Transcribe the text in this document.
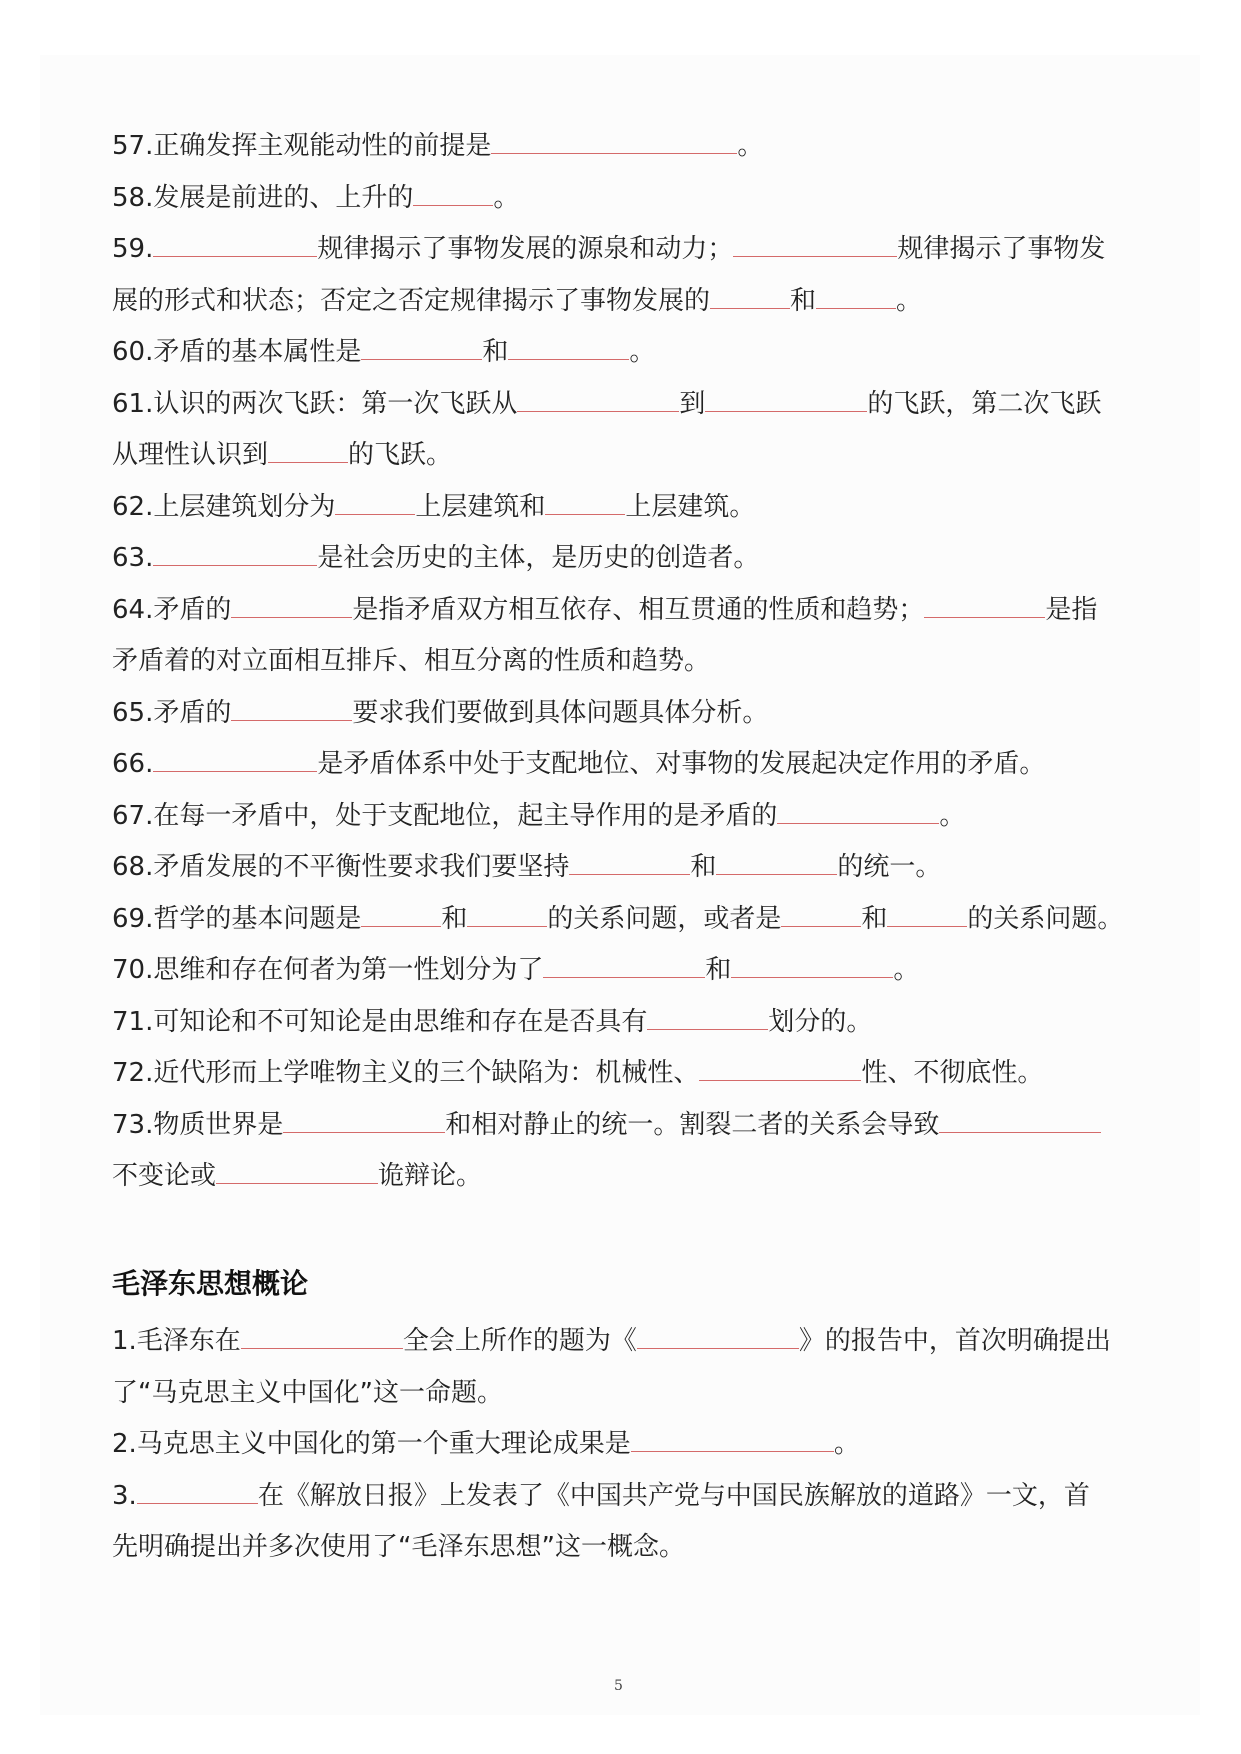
57.正确发挥主观能动性的前提是	。
58.发展是前进的、上升的	。
59.	规律揭示了事物发展的源泉和动力；	规律揭示了事物发
展的形式和状态；否定之否定规律揭示了事物发展的	和	。
60.矛盾的基本属性是	和	。
61.认识的两次飞跃：第一次飞跃从	到	的飞跃，第二次飞跃
从理性认识到	的飞跃。
62.上层建筑划分为	上层建筑和	上层建筑。
63.	是社会历史的主体，是历史的创造者。
64.矛盾的	是指矛盾双方相互依存、相互贯通的性质和趋势；	是指
矛盾着的对立面相互排斥、相互分离的性质和趋势。
65.矛盾的	要求我们要做到具体问题具体分析。
66.	是矛盾体系中处于支配地位、对事物的发展起决定作用的矛盾。
67.在每一矛盾中，处于支配地位，起主导作用的是矛盾的	。
68.矛盾发展的不平衡性要求我们要坚持	和	的统一。
69.哲学的基本问题是	和	的关系问题，或者是	和	的关系问题。
70.思维和存在何者为第一性划分为了	和	。
71.可知论和不可知论是由思维和存在是否具有	划分的。
72.近代形而上学唯物主义的三个缺陷为：机械性、	性、不彻底性。
73.物质世界是	和相对静止的统一。割裂二者的关系会导致
不变论或	诡辩论。
毛泽东思想概论
1.毛泽东在	全会上所作的题为《	》的报告中，首次明确提出
了“马克思主义中国化”这一命题。
2.马克思主义中国化的第一个重大理论成果是	。
3.	在《解放日报》上发表了《中国共产党与中国民族解放的道路》一文，首
先明确提出并多次使用了“毛泽东思想”这一概念。
5
